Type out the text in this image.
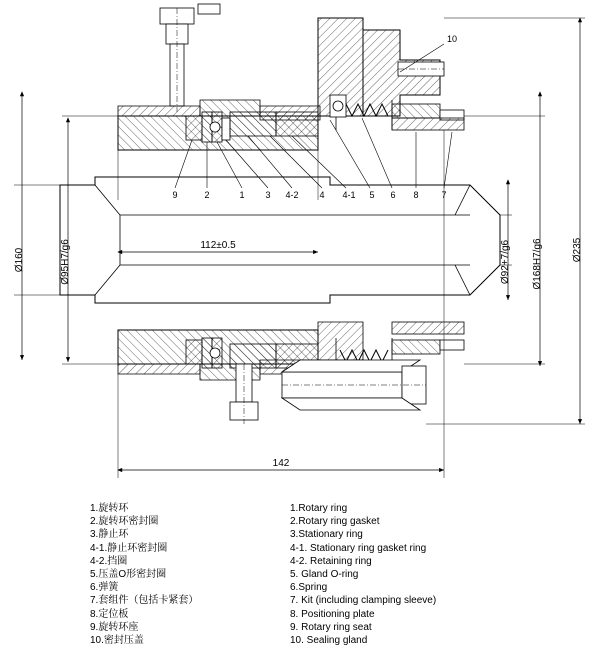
Ø160	Ø95H7/g6	Ø92+7/g6 Ø168H7/g6	Ø235
112±0.5
142
10
9	2	1 3 4-2 4 4-1 5 6 8	7
1.旋转环
2.旋转环密封圈
3.静止环
4-1.静止环密封圈
4-2.挡圈
5.压盖O形密封圈
6.弹簧
7.套组件（包括卡紧套）
8.定位板
9.旋转环座
10.密封压盖
1.Rotary ring
2.Rotary ring gasket
3.Stationary ring
4-1. Stationary ring gasket ring
4-2. Retaining ring
5. Gland O-ring
6.Spring
7. Kit (including clamping sleeve)
8. Positioning plate
9. Rotary ring seat
10. Sealing gland
